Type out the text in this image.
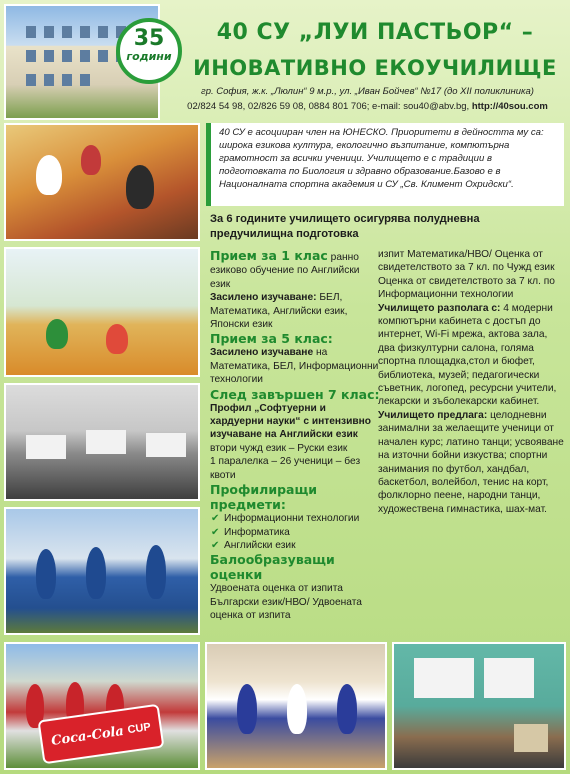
35
години
40 СУ „ЛУИ ПАСТЬОР“ –
ИНОВАТИВНО ЕКОУЧИЛИЩЕ
гр. София, ж.к. „Люлин“ 9 м.р., ул. „Иван Бойчев“ №17 (до XII поликлиника)
02/824 54 98, 02/826 59 08, 0884 801 706; e-mail: sou40@abv.bg, http://40sou.com
Coca-Cola CUP
40 СУ е асоцииран член на ЮНЕСКО. Приоритети в дейността му са: широка езикова култура, екологично възпитание, компютърна грамотност за всички ученици. Училището е с традиции в подготовката по Биология и здравно образование.Базово е в Националната спортна академия и СУ „Св. Климент Охридски“.
За 6 годините училището осигурява полудневна предучилищна подготовка

Прием за 1 клас ранно езиково обучение по Английски език

Засилено изучаване: БЕЛ, Математика, Английски език, Японски език

Прием за 5 клас:

Засилено изучаване на Математика, БЕЛ, Информационни технологии

След завършен 7 клас:

Профил „Софтуерни и хардуерни науки“ с интензивно изучаване на Английски език

втори чужд език – Руски език

1 паралелка – 26 ученици – без квоти

Профилиращи предмети:

✔ Информационни технологии
✔ Информатика
✔ Английски език

Балообразуващи оценки

Удвоената оценка от изпита Български език/НВО/ Удвоената оценка от изпита

изпит Математика/НВО/ Оценка от свидетелството за 7 кл. по Чужд език Оценка от свидетелството за 7 кл. по Информационни технологии

Училището разполага с: 4 модерни компютърни кабинета с достъп до интернет, Wi-Fi мрежа, актова зала, два физкултурни салона, голяма спортна площадка,стол и бюфет, библиотека, музей; педагогически съветник, логопед, ресурсни учители, лекарски и зъболекарски кабинет.

Училището предлага: целодневни занимални за желаещите ученици от начален курс; латино танци; усвояване на източни бойни изкуства; спортни занимания по футбол, хандбал, баскетбол, волейбол, тенис на корт, фолклорно пеене, народни танци, художествена гимнастика, шах-мат.
